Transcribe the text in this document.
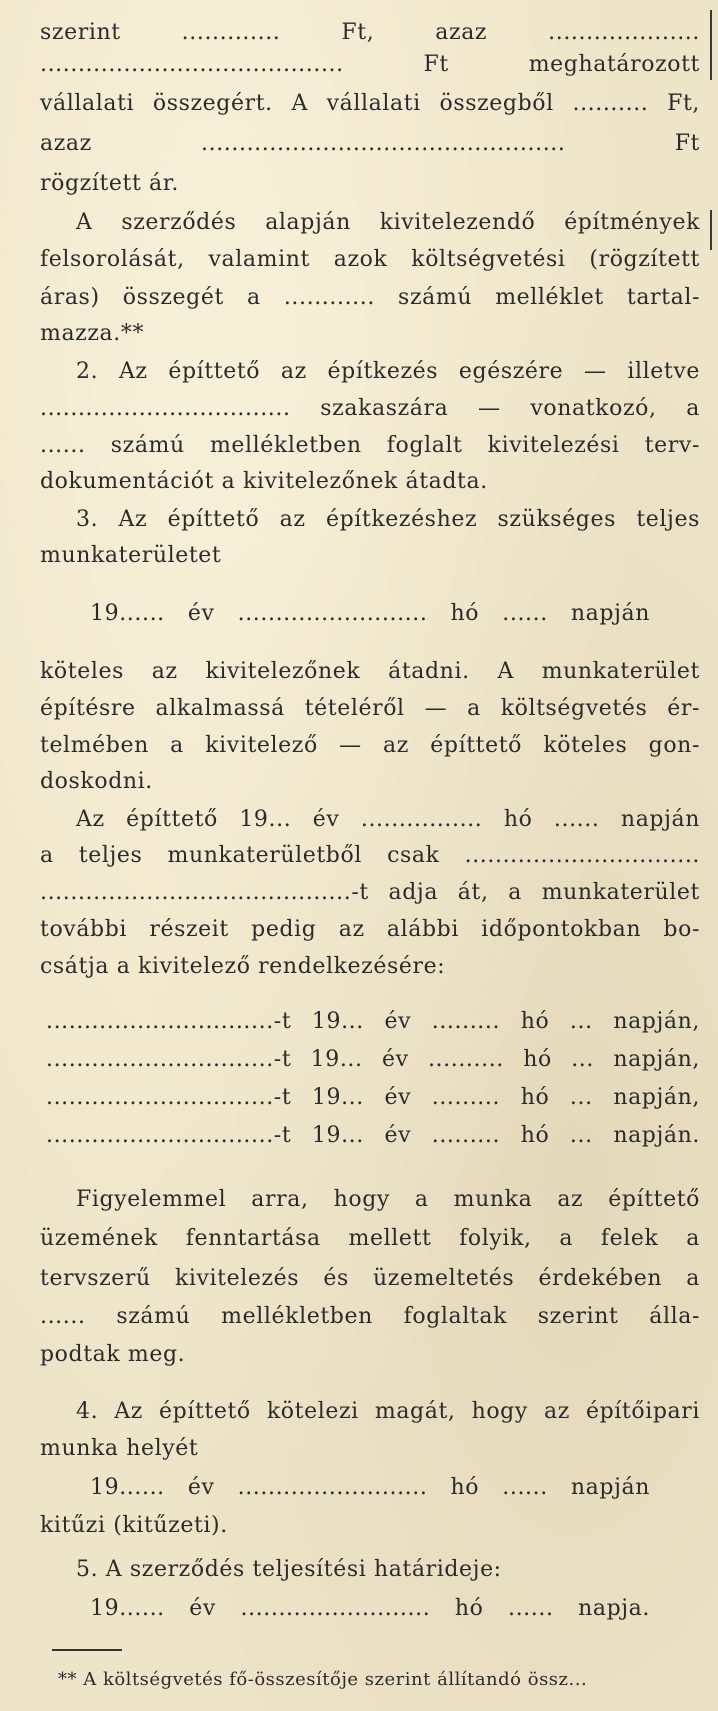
szerint ............. Ft, azaz ....................
........................................ Ft meghatározott
vállalati összegért. A vállalati összegből .......... Ft,
azaz ................................................ Ft
rögzített ár.
A szerződés alapján kivitelezendő építmények
felsorolását, valamint azok költségvetési (rögzített
áras) összegét a ............ számú melléklet tartal-
mazza.**
2. Az építtető az építkezés egészére — illetve
................................. szakaszára — vonatkozó, a
...... számú mellékletben foglalt kivitelezési terv-
dokumentációt a kivitelezőnek átadta.
3. Az építtető az építkezéshez szükséges teljes
munkaterületet
19...... év ......................... hó ...... napján
köteles az kivitelezőnek átadni. A munkaterület
építésre alkalmassá tételéről — a költségvetés ér-
telmében a kivitelező — az építtető köteles gon-
doskodni.
Az építtető 19... év ................ hó ...... napján
a teljes munkaterületből csak ...............................
.........................................-t adja át, a munkaterület
további részeit pedig az alábbi időpontokban bo-
csátja a kivitelező rendelkezésére:
..............................-t 19... év ......... hó ... napján,
..............................-t 19... év .......... hó ... napján,
..............................-t 19... év ......... hó ... napján,
..............................-t 19... év ......... hó ... napján.
Figyelemmel arra, hogy a munka az építtető
üzemének fenntartása mellett folyik, a felek a
tervszerű kivitelezés és üzemeltetés érdekében a
...... számú mellékletben foglaltak szerint álla-
podtak meg.
4. Az építtető kötelezi magát, hogy az építőipari
munka helyét
19...... év ......................... hó ...... napján
kitűzi (kitűzeti).
5. A szerződés teljesítési határideje:
19...... év ......................... hó ...... napja.
** A költségvetés fő-összesítője szerint állítandó össz...
